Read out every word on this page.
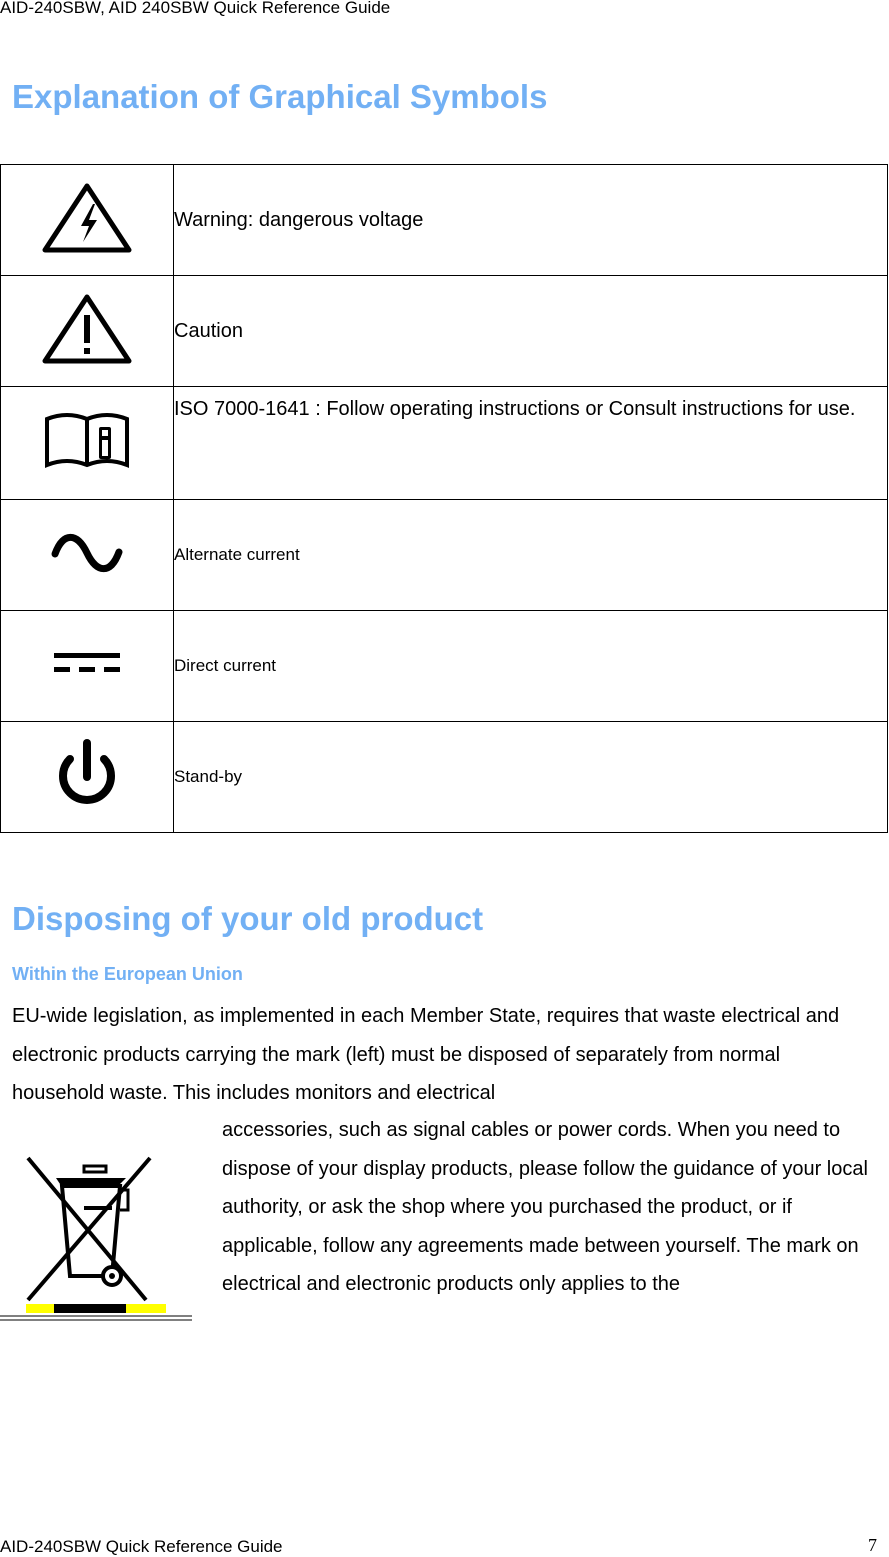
AID-240SBW, AID 240SBW Quick Reference Guide
Explanation of Graphical Symbols
	Warning: dangerous voltage
	Caution
	ISO 7000-1641 : Follow operating instructions or Consult instructions for use.
	Alternate current
	Direct current
	Stand-by
Disposing of your old product
Within the European Union
EU-wide legislation, as implemented in each Member State, requires that waste electrical and electronic products carrying the mark (left) must be disposed of separately from normal household waste. This includes monitors and electrical
accessories, such as signal cables or power cords. When you need to dispose of your display products, please follow the guidance of your local authority, or ask the shop where you purchased the product, or if applicable, follow any agreements made between yourself. The mark on electrical and electronic products only applies to the
AID-240SBW Quick Reference Guide	7
